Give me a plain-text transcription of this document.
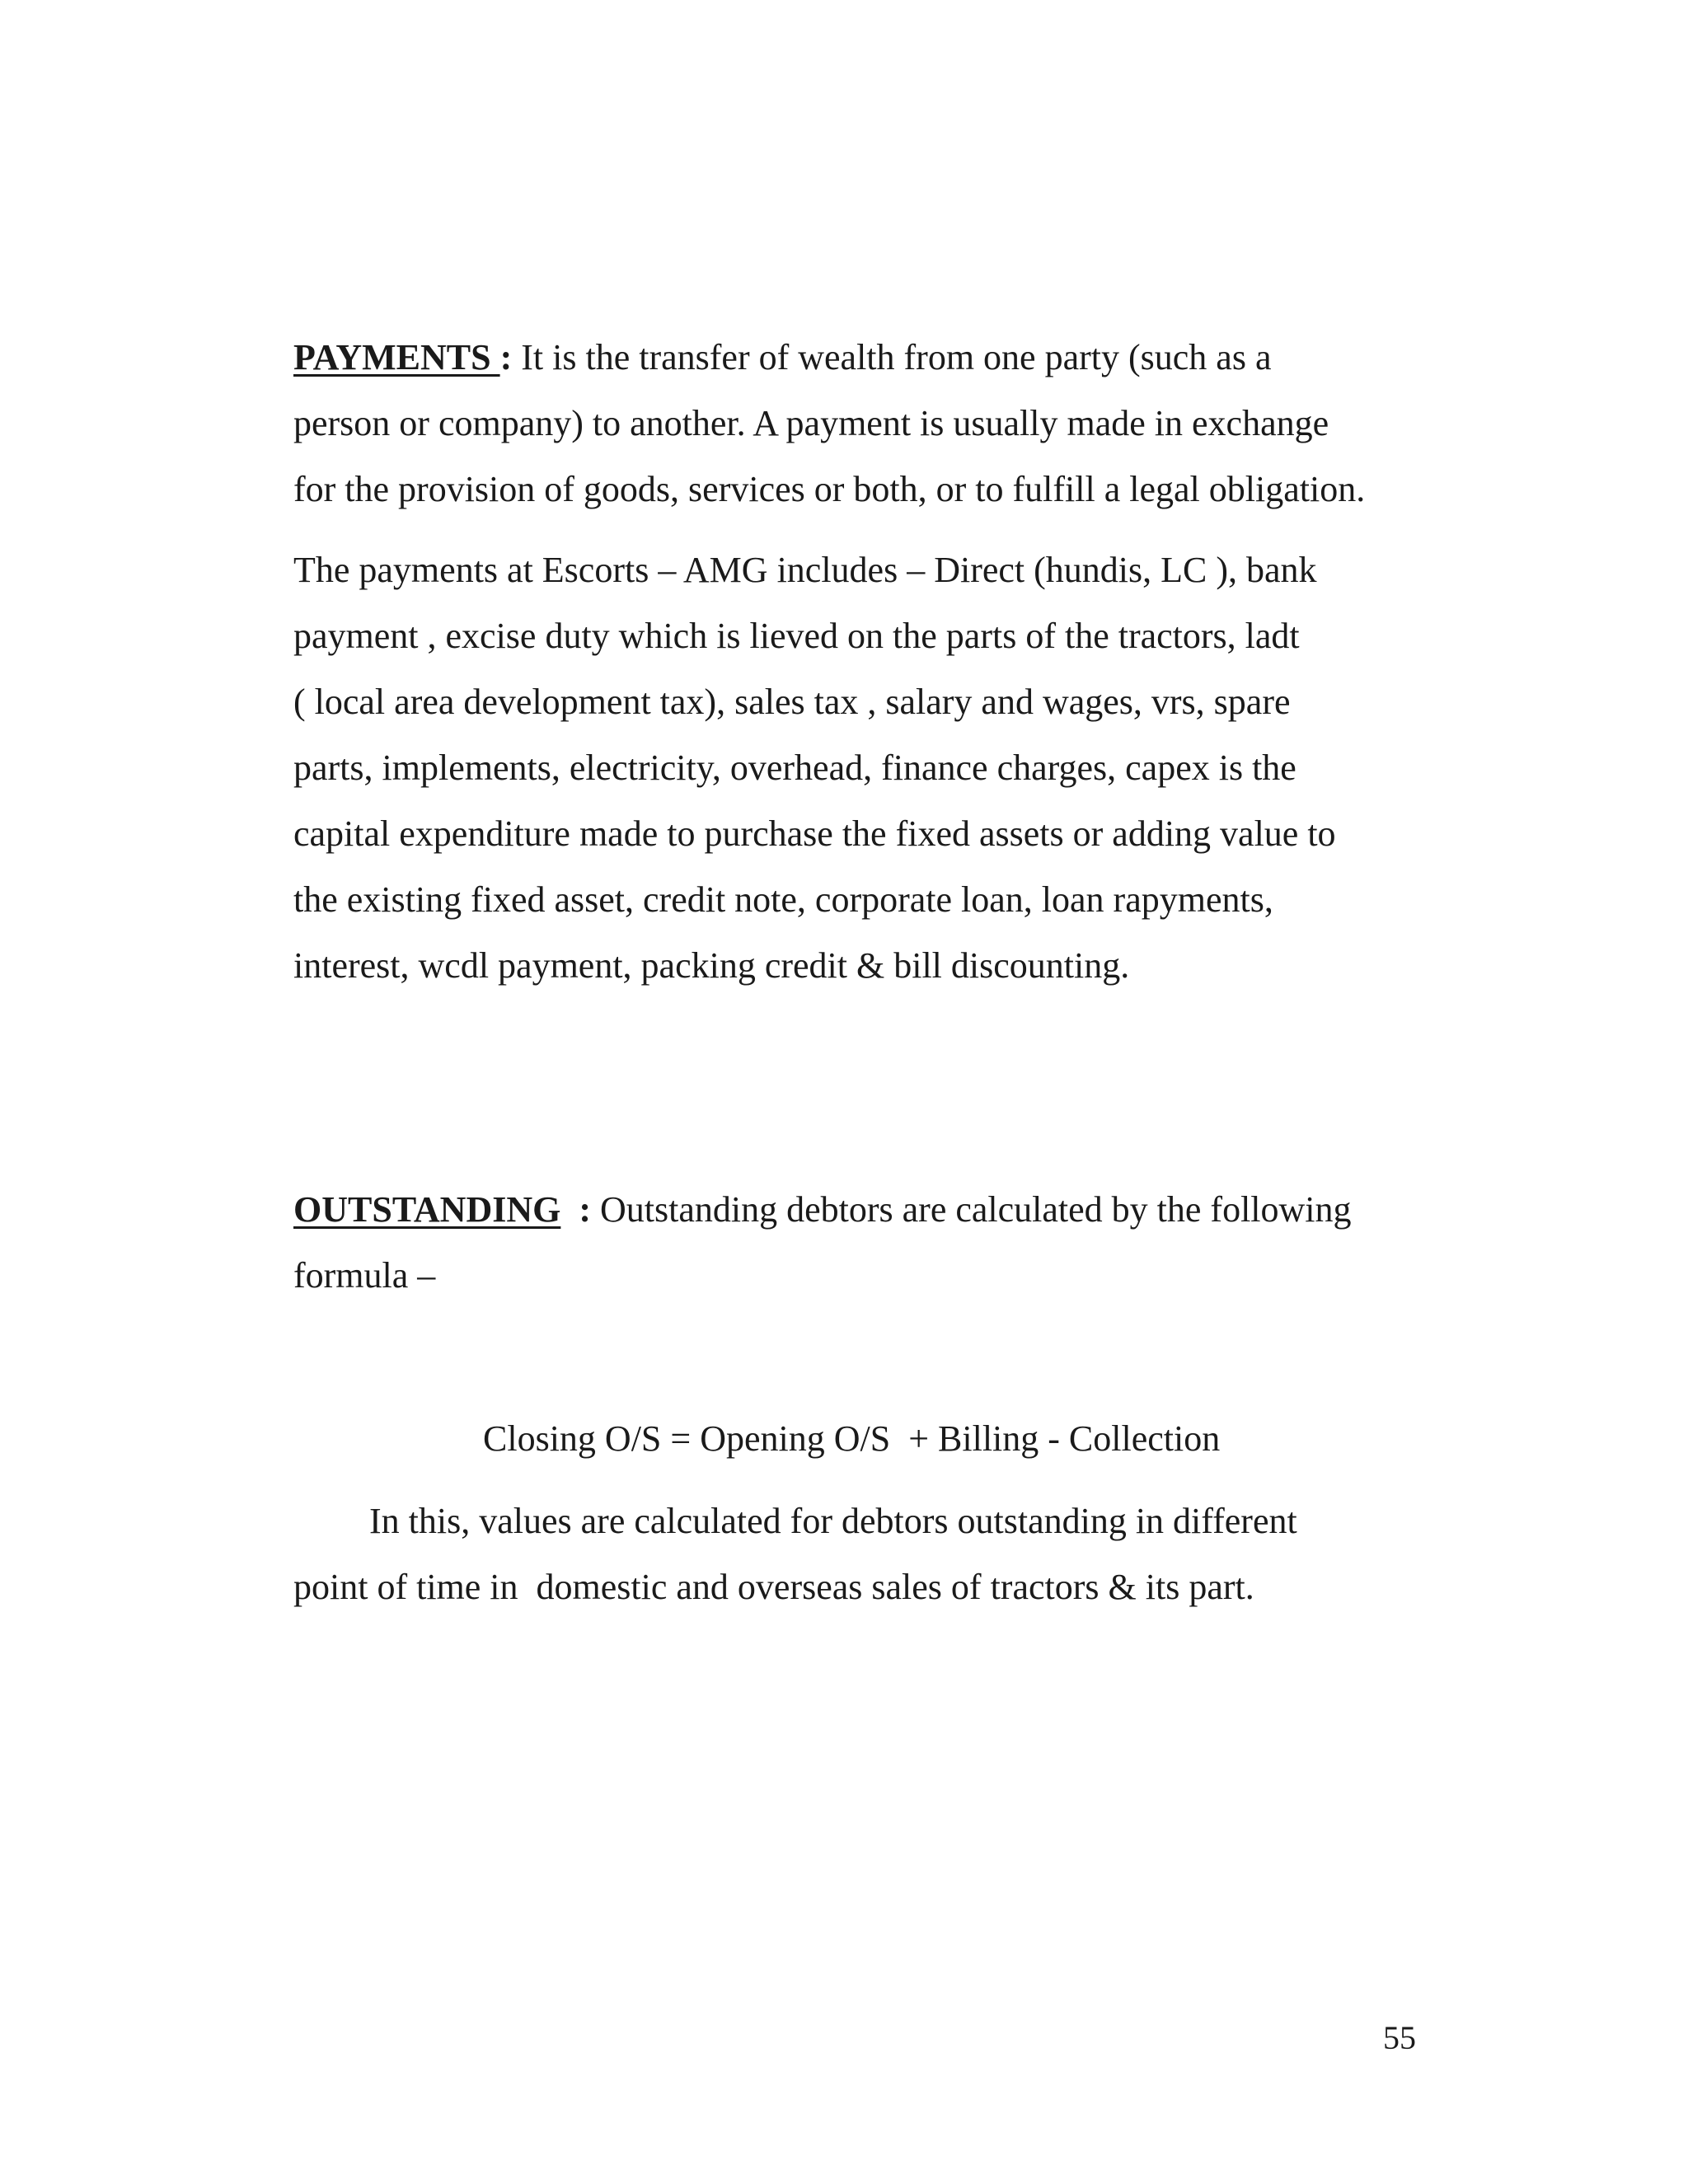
PAYMENTS : It is the transfer of wealth from one party (such as a
person or company) to another. A payment is usually made in exchange
for the provision of goods, services or both, or to fulfill a legal obligation.
The payments at Escorts – AMG includes – Direct (hundis, LC ), bank
payment , excise duty which is lieved on the parts of the tractors, ladt
( local area development tax), sales tax , salary and wages, vrs, spare
parts, implements, electricity, overhead, finance charges, capex is the
capital expenditure made to purchase the fixed assets or adding value to
the existing fixed asset, credit note, corporate loan, loan rapyments,
interest, wcdl payment, packing credit & bill discounting.
OUTSTANDING  : Outstanding debtors are calculated by the following
formula –
Closing O/S = Opening O/S  + Billing - Collection
In this, values are calculated for debtors outstanding in different
point of time in  domestic and overseas sales of tractors & its part.
55
